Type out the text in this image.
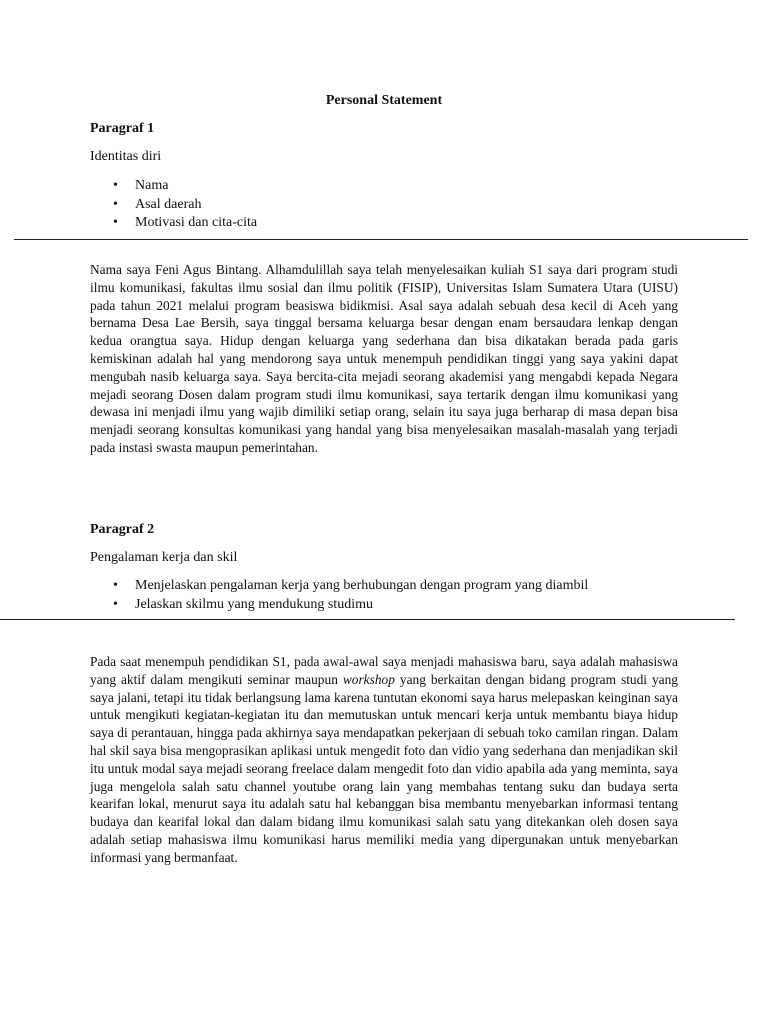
Personal Statement
Paragraf 1
Identitas diri
• Nama
• Asal daerah
• Motivasi dan cita-cita

Nama saya Feni Agus Bintang. Alhamdulillah saya telah menyelesaikan kuliah S1 saya dari program studi ilmu komunikasi, fakultas ilmu sosial dan ilmu politik (FISIP), Universitas Islam Sumatera Utara (UISU) pada tahun 2021 melalui program beasiswa bidikmisi. Asal saya adalah sebuah desa kecil di Aceh yang bernama Desa Lae Bersih, saya tinggal bersama keluarga besar dengan enam bersaudara lenkap dengan kedua orangtua saya. Hidup dengan keluarga yang sederhana dan bisa dikatakan berada pada garis kemiskinan adalah hal yang mendorong saya untuk menempuh pendidikan tinggi yang saya yakini dapat mengubah nasib keluarga saya. Saya bercita-cita mejadi seorang akademisi yang mengabdi kepada Negara mejadi seorang Dosen dalam program studi ilmu komunikasi, saya tertarik dengan ilmu komunikasi yang dewasa ini menjadi ilmu yang wajib dimiliki setiap orang, selain itu saya juga berharap di masa depan bisa menjadi seorang konsultas komunikasi yang handal yang bisa menyelesaikan masalah-masalah yang terjadi pada instasi swasta maupun pemerintahan.

Paragraf 2
Pengalaman kerja dan skil
• Menjelaskan pengalaman kerja yang berhubungan dengan program yang diambil
• Jelaskan skilmu yang mendukung studimu

Pada saat menempuh pendidikan S1, pada awal-awal saya menjadi mahasiswa baru, saya adalah mahasiswa yang aktif dalam mengikuti seminar maupun workshop yang berkaitan dengan bidang program studi yang saya jalani, tetapi itu tidak berlangsung lama karena tuntutan ekonomi saya harus melepaskan keinginan saya untuk mengikuti kegiatan-kegiatan itu dan memutuskan untuk mencari kerja untuk membantu biaya hidup saya di perantauan, hingga pada akhirnya saya mendapatkan pekerjaan di sebuah toko camilan ringan. Dalam hal skil saya bisa mengoprasikan aplikasi untuk mengedit foto dan vidio yang sederhana dan menjadikan skil itu untuk modal saya mejadi seorang freelace dalam mengedit foto dan vidio apabila ada yang meminta, saya juga mengelola salah satu channel youtube orang lain yang membahas tentang suku dan budaya serta kearifan lokal, menurut saya itu adalah satu hal kebanggan bisa membantu menyebarkan informasi tentang budaya dan kearifal lokal dan dalam bidang ilmu komunikasi salah satu yang ditekankan oleh dosen saya adalah setiap mahasiswa ilmu komunikasi harus memiliki media yang dipergunakan untuk menyebarkan informasi yang bermanfaat.
